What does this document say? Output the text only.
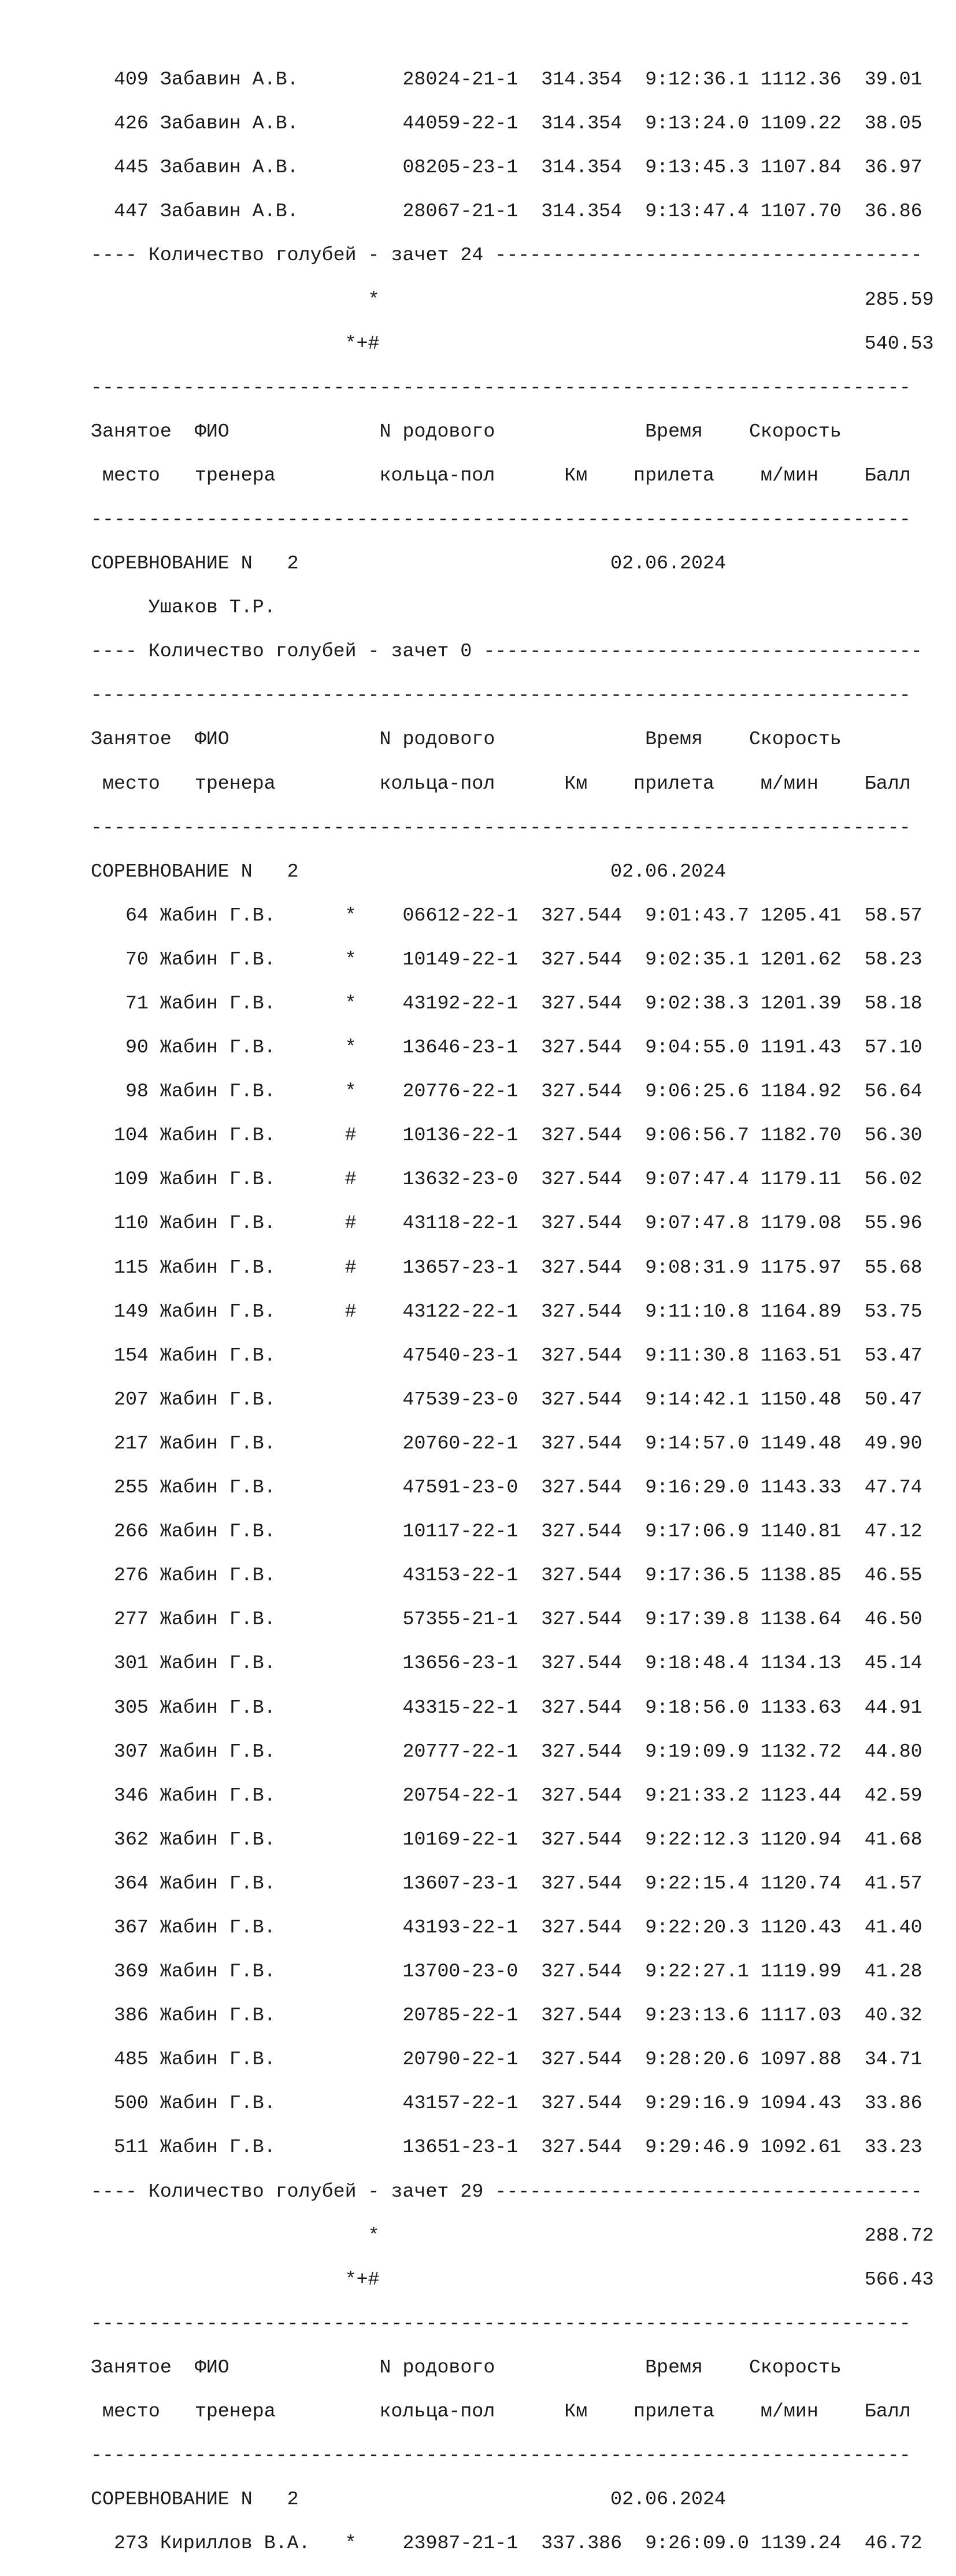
409 Забавин А.В.         28024-21-1  314.354  9:12:36.1 1112.36  39.01

426 Забавин А.В.         44059-22-1  314.354  9:13:24.0 1109.22  38.05

445 Забавин А.В.         08205-23-1  314.354  9:13:45.3 1107.84  36.97

447 Забавин А.В.         28067-21-1  314.354  9:13:47.4 1107.70  36.86

---- Количество голубей - зачет 24 -------------------------------------

*                                          285.59

*+#                                          540.53

-----------------------------------------------------------------------

Занятое  ФИО             N родового             Время    Скорость

место   тренера         кольца-пол      Км    прилета    м/мин    Балл

-----------------------------------------------------------------------

СОРЕВНОВАНИЕ N   2                           02.06.2024

Ушаков Т.Р.

---- Количество голубей - зачет 0 --------------------------------------

-----------------------------------------------------------------------

Занятое  ФИО             N родового             Время    Скорость

место   тренера         кольца-пол      Км    прилета    м/мин    Балл

-----------------------------------------------------------------------

СОРЕВНОВАНИЕ N   2                           02.06.2024

64 Жабин Г.В.      *    06612-22-1  327.544  9:01:43.7 1205.41  58.57

70 Жабин Г.В.      *    10149-22-1  327.544  9:02:35.1 1201.62  58.23

71 Жабин Г.В.      *    43192-22-1  327.544  9:02:38.3 1201.39  58.18

90 Жабин Г.В.      *    13646-23-1  327.544  9:04:55.0 1191.43  57.10

98 Жабин Г.В.      *    20776-22-1  327.544  9:06:25.6 1184.92  56.64

104 Жабин Г.В.      #    10136-22-1  327.544  9:06:56.7 1182.70  56.30

109 Жабин Г.В.      #    13632-23-0  327.544  9:07:47.4 1179.11  56.02

110 Жабин Г.В.      #    43118-22-1  327.544  9:07:47.8 1179.08  55.96

115 Жабин Г.В.      #    13657-23-1  327.544  9:08:31.9 1175.97  55.68

149 Жабин Г.В.      #    43122-22-1  327.544  9:11:10.8 1164.89  53.75

154 Жабин Г.В.           47540-23-1  327.544  9:11:30.8 1163.51  53.47

207 Жабин Г.В.           47539-23-0  327.544  9:14:42.1 1150.48  50.47

217 Жабин Г.В.           20760-22-1  327.544  9:14:57.0 1149.48  49.90

255 Жабин Г.В.           47591-23-0  327.544  9:16:29.0 1143.33  47.74

266 Жабин Г.В.           10117-22-1  327.544  9:17:06.9 1140.81  47.12

276 Жабин Г.В.           43153-22-1  327.544  9:17:36.5 1138.85  46.55

277 Жабин Г.В.           57355-21-1  327.544  9:17:39.8 1138.64  46.50

301 Жабин Г.В.           13656-23-1  327.544  9:18:48.4 1134.13  45.14

305 Жабин Г.В.           43315-22-1  327.544  9:18:56.0 1133.63  44.91

307 Жабин Г.В.           20777-22-1  327.544  9:19:09.9 1132.72  44.80

346 Жабин Г.В.           20754-22-1  327.544  9:21:33.2 1123.44  42.59

362 Жабин Г.В.           10169-22-1  327.544  9:22:12.3 1120.94  41.68

364 Жабин Г.В.           13607-23-1  327.544  9:22:15.4 1120.74  41.57

367 Жабин Г.В.           43193-22-1  327.544  9:22:20.3 1120.43  41.40

369 Жабин Г.В.           13700-23-0  327.544  9:22:27.1 1119.99  41.28

386 Жабин Г.В.           20785-22-1  327.544  9:23:13.6 1117.03  40.32

485 Жабин Г.В.           20790-22-1  327.544  9:28:20.6 1097.88  34.71

500 Жабин Г.В.           43157-22-1  327.544  9:29:16.9 1094.43  33.86

511 Жабин Г.В.           13651-23-1  327.544  9:29:46.9 1092.61  33.23

---- Количество голубей - зачет 29 -------------------------------------

*                                          288.72

*+#                                          566.43

-----------------------------------------------------------------------

Занятое  ФИО             N родового             Время    Скорость

место   тренера         кольца-пол      Км    прилета    м/мин    Балл

-----------------------------------------------------------------------

СОРЕВНОВАНИЕ N   2                           02.06.2024

273 Кириллов В.А.   *    23987-21-1  337.386  9:26:09.0 1139.24  46.72
